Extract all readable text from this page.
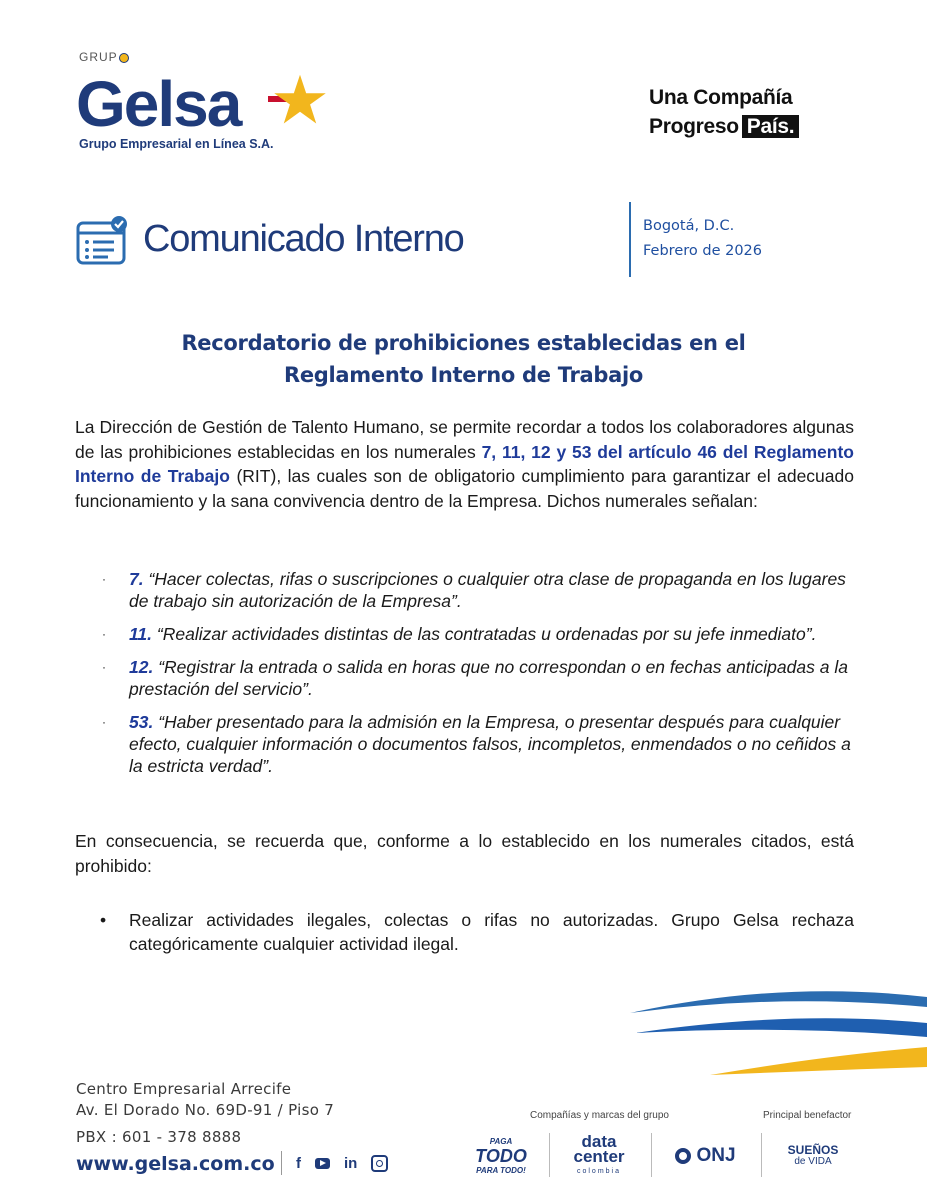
GRUP
Gelsa
Grupo Empresarial en Línea S.A.
Una Compañía
Progreso País.
Comunicado Interno	Bogotá, D.C.
Febrero de 2026
Recordatorio de prohibiciones establecidas en el
Reglamento Interno de Trabajo
La Dirección de Gestión de Talento Humano, se permite recordar a todos los colaboradores algunas de las prohibiciones establecidas en los numerales 7, 11, 12 y 53 del artículo 46 del Reglamento Interno de Trabajo (RIT), las cuales son de obligatorio cumplimiento para garantizar el adecuado funcionamiento y la sana convivencia dentro de la Empresa. Dichos numerales señalan:
· 7. “Hacer colectas, rifas o suscripciones o cualquier otra clase de propaganda en los lugares de trabajo sin autorización de la Empresa”.
· 11. “Realizar actividades distintas de las contratadas u ordenadas por su jefe inmediato”.
· 12. “Registrar la entrada o salida en horas que no correspondan o en fechas anticipadas a la prestación del servicio”.
· 53. “Haber presentado para la admisión en la Empresa, o presentar después para cualquier efecto, cualquier información o documentos falsos, incompletos, enmendados o no ceñidos a la estricta verdad”.
En consecuencia, se recuerda que, conforme a lo establecido en los numerales citados, está prohibido:
• Realizar actividades ilegales, colectas o rifas no autorizadas. Grupo Gelsa rechaza categóricamente cualquier actividad ilegal.
Centro Empresarial Arrecife
Av. El Dorado No. 69D-91 / Piso 7
PBX : 601 - 378 8888
www.gelsa.com.co f	in
Compañías y marcas del grupo	Principal benefactor
PAGA
TODO
PARA TODO!
data
center
colombia
ONJ	SUEÑOS
de VIDA
